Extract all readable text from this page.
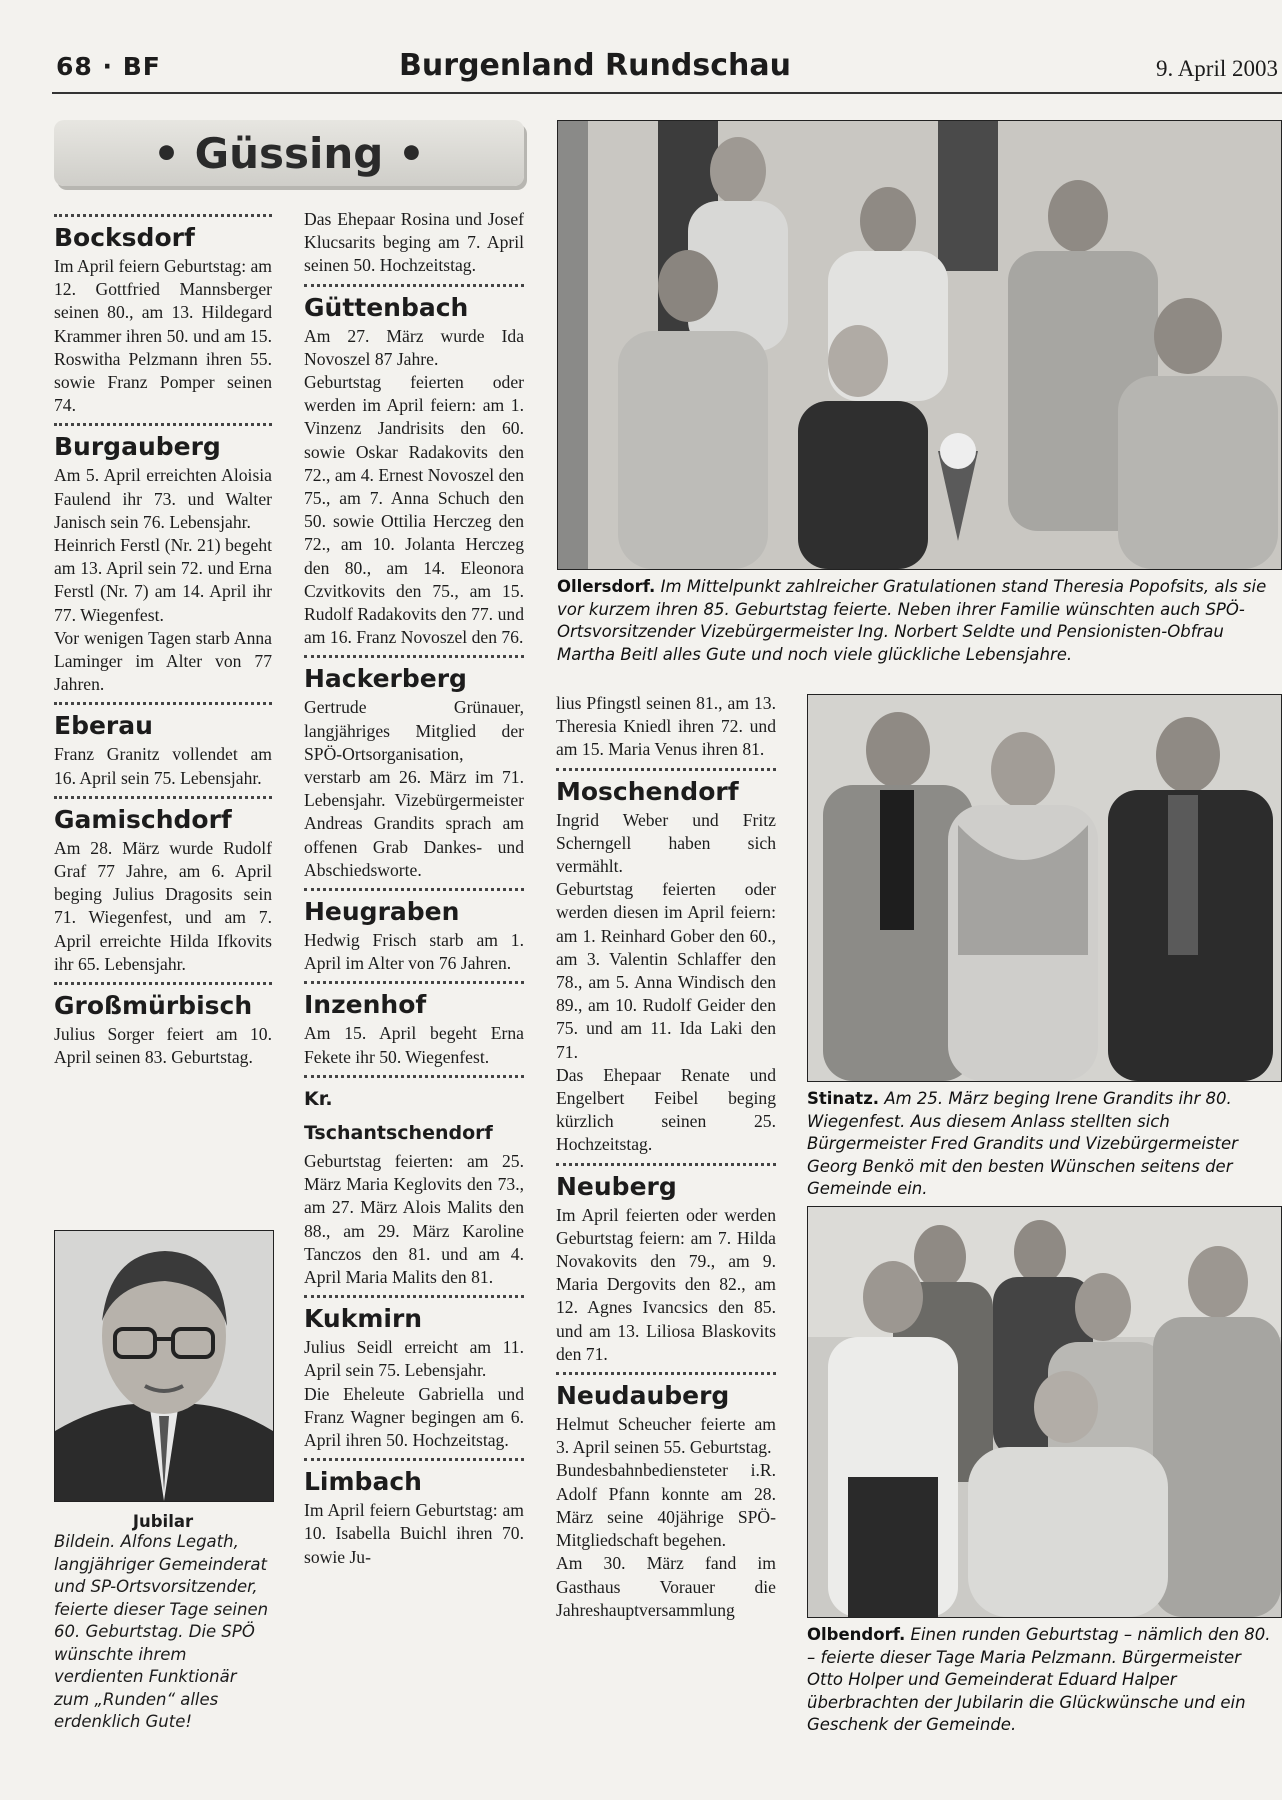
68 · BF	Burgenland Rundschau	9. April 2003
• Güssing •

Bocksdorf

Im April feiern Geburtstag: am 12. Gottfried Mannsberger seinen 80., am 13. Hildegard Krammer ihren 50. und am 15. Roswitha Pelzmann ihren 55. sowie Franz Pomper seinen 74.

Burgauberg

Am 5. April erreichten Aloisia Faulend ihr 73. und Walter Janisch sein 76. Lebensjahr.

Heinrich Ferstl (Nr. 21) begeht am 13. April sein 72. und Erna Ferstl (Nr. 7) am 14. April ihr 77. Wiegenfest.

Vor wenigen Tagen starb Anna Laminger im Alter von 77 Jahren.

Eberau

Franz Granitz vollendet am 16. April sein 75. Lebensjahr.

Gamischdorf

Am 28. März wurde Rudolf Graf 77 Jahre, am 6. April beging Julius Dragosits sein 71. Wiegenfest, und am 7. April erreichte Hilda Ifkovits ihr 65. Lebensjahr.

Großmürbisch

Julius Sorger feiert am 10. April seinen 83. Geburtstag.

Jubilar
Bildein. Alfons Legath, langjähriger Gemeinderat und SP-Ortsvorsitzender, feierte dieser Tage seinen 60. Geburtstag. Die SPÖ wünschte ihrem verdienten Funktionär zum „Runden“ alles erdenklich Gute!

Das Ehepaar Rosina und Josef Klucsarits beging am 7. April seinen 50. Hochzeitstag.

Güttenbach

Am 27. März wurde Ida Novoszel 87 Jahre.

Geburtstag feierten oder werden im April feiern: am 1. Vinzenz Jandrisits den 60. sowie Oskar Radakovits den 72., am 4. Ernest Novoszel den 75., am 7. Anna Schuch den 50. sowie Ottilia Herczeg den 72., am 10. Jolanta Herczeg den 80., am 14. Eleonora Czvitkovits den 75., am 15. Rudolf Radakovits den 77. und am 16. Franz Novoszel den 76.

Hackerberg

Gertrude Grünauer, langjähriges Mitglied der SPÖ-Ortsorganisation, verstarb am 26. März im 71. Lebensjahr. Vizebürgermeister Andreas Grandits sprach am offenen Grab Dankes- und Abschiedsworte.

Heugraben

Hedwig Frisch starb am 1. April im Alter von 76 Jahren.

Inzenhof

Am 15. April begeht Erna Fekete ihr 50. Wiegenfest.

Kr. Tschantschendorf

Geburtstag feierten: am 25. März Maria Keglovits den 73., am 27. März Alois Malits den 88., am 29. März Karoline Tanczos den 81. und am 4. April Maria Malits den 81.

Kukmirn

Julius Seidl erreicht am 11. April sein 75. Lebensjahr.

Die Eheleute Gabriella und Franz Wagner begingen am 6. April ihren 50. Hochzeitstag.

Limbach

Im April feiern Geburtstag: am 10. Isabella Buichl ihren 70. sowie Ju-

Ollersdorf. Im Mittelpunkt zahlreicher Gratulationen stand Theresia Popofsits, als sie vor kurzem ihren 85. Geburtstag feierte. Neben ihrer Familie wünschten auch SPÖ-Ortsvorsitzender Vizebürgermeister Ing. Norbert Seldte und Pensionisten-Obfrau Martha Beitl alles Gute und noch viele glückliche Lebensjahre.

lius Pfingstl seinen 81., am 13. Theresia Kniedl ihren 72. und am 15. Maria Venus ihren 81.

Moschendorf

Ingrid Weber und Fritz Scherngell haben sich vermählt.

Geburtstag feierten oder werden diesen im April feiern: am 1. Reinhard Gober den 60., am 3. Valentin Schlaffer den 78., am 5. Anna Windisch den 89., am 10. Rudolf Geider den 75. und am 11. Ida Laki den 71.

Das Ehepaar Renate und Engelbert Feibel beging kürzlich seinen 25. Hochzeitstag.

Neuberg

Im April feierten oder werden Geburtstag feiern: am 7. Hilda Novakovits den 79., am 9. Maria Dergovits den 82., am 12. Agnes Ivancsics den 85. und am 13. Liliosa Blaskovits den 71.

Neudauberg

Helmut Scheucher feierte am 3. April seinen 55. Geburtstag.

Bundesbahnbediensteter i.R. Adolf Pfann konnte am 28. März seine 40jährige SPÖ-Mitgliedschaft begehen.

Am 30. März fand im Gasthaus Vorauer die Jahreshauptversammlung

Stinatz. Am 25. März beging Irene Grandits ihr 80. Wiegenfest. Aus diesem Anlass stellten sich Bürgermeister Fred Grandits und Vizebürgermeister Georg Benkö mit den besten Wünschen seitens der Gemeinde ein.
Olbendorf. Einen runden Geburtstag – nämlich den 80. – feierte dieser Tage Maria Pelzmann. Bürgermeister Otto Holper und Gemeinderat Eduard Halper überbrachten der Jubilarin die Glückwünsche und ein Geschenk der Gemeinde.
